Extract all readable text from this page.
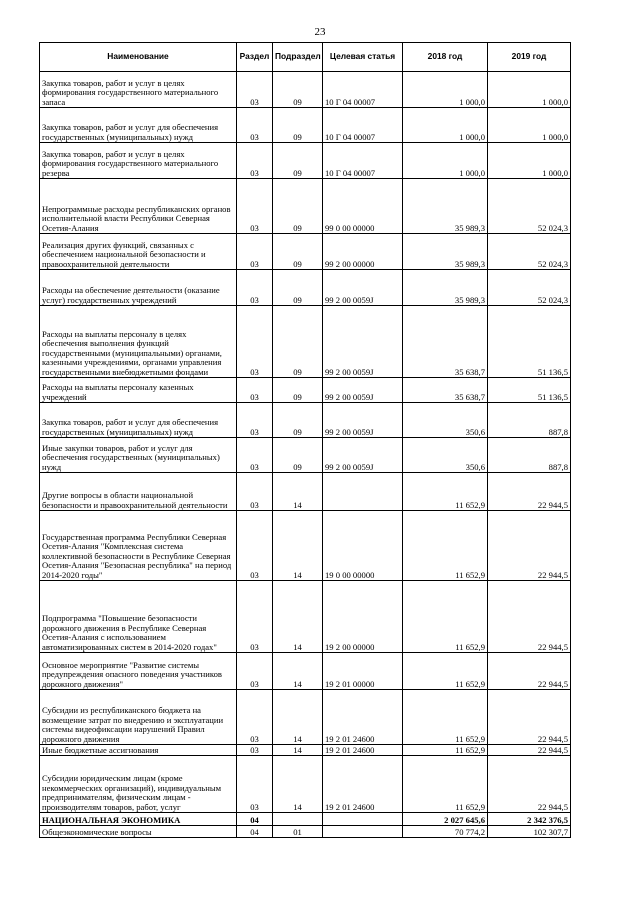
23
Наименование	Раздел	Подраздел	Целевая статья	2018 год	2019 год
Закупка товаров, работ и услуг в целях формирования государственного материального запаса	03	09	10 Г 04 00007	1 000,0	1 000,0
Закупка товаров, работ и услуг для обеспечения государственных (муниципальных) нужд	03	09	10 Г 04 00007	1 000,0	1 000,0
Закупка товаров, работ и услуг в целях формирования государственного материального резерва	03	09	10 Г 04 00007	1 000,0	1 000,0
Непрограммные расходы республиканских органов исполнительной власти Республики Северная Осетия-Алания	03	09	99 0 00 00000	35 989,3	52 024,3
Реализация других функций, связанных с обеспечением национальной безопасности и правоохранительной деятельности	03	09	99 2 00 00000	35 989,3	52 024,3
Расходы на обеспечение деятельности (оказание услуг) государственных учреждений	03	09	99 2 00 0059J	35 989,3	52 024,3
Расходы на выплаты персоналу в целях обеспечения выполнения функций государственными (муниципальными) органами, казенными учреждениями, органами управления государственными внебюджетными фондами	03	09	99 2 00 0059J	35 638,7	51 136,5
Расходы на выплаты персоналу казенных учреждений	03	09	99 2 00 0059J	35 638,7	51 136,5
Закупка товаров, работ и услуг для обеспечения государственных (муниципальных) нужд	03	09	99 2 00 0059J	350,6	887,8
Иные закупки товаров, работ и услуг для обеспечения государственных (муниципальных) нужд	03	09	99 2 00 0059J	350,6	887,8
Другие вопросы в области национальной безопасности и правоохранительной деятельности	03	14		11 652,9	22 944,5
Государственная программа Республики Северная Осетия-Алания "Комплексная система коллективной безопасности в Республике Северная Осетия-Алания "Безопасная республика" на период 2014-2020 годы"	03	14	19 0 00 00000	11 652,9	22 944,5
Подпрограмма "Повышение безопасности дорожного движения в Республике Северная Осетия-Алания с использованием автоматизированных систем в 2014-2020 годах"	03	14	19 2 00 00000	11 652,9	22 944,5
Основное мероприятие "Развитие системы предупреждения опасного поведения участников дорожного движения"	03	14	19 2 01 00000	11 652,9	22 944,5
Субсидии из республиканского бюджета на возмещение затрат по внедрению и эксплуатации системы видеофиксации нарушений Правил дорожного движения	03	14	19 2 01 24600	11 652,9	22 944,5
Иные бюджетные ассигнования	03	14	19 2 01 24600	11 652,9	22 944,5
Субсидии юридическим лицам (кроме некоммерческих организаций), индивидуальным предпринимателям, физическим лицам - производителям товаров, работ, услуг	03	14	19 2 01 24600	11 652,9	22 944,5
НАЦИОНАЛЬНАЯ ЭКОНОМИКА	04			2 027 645,6	2 342 376,5
Общеэкономические вопросы	04	01		70 774,2	102 307,7
